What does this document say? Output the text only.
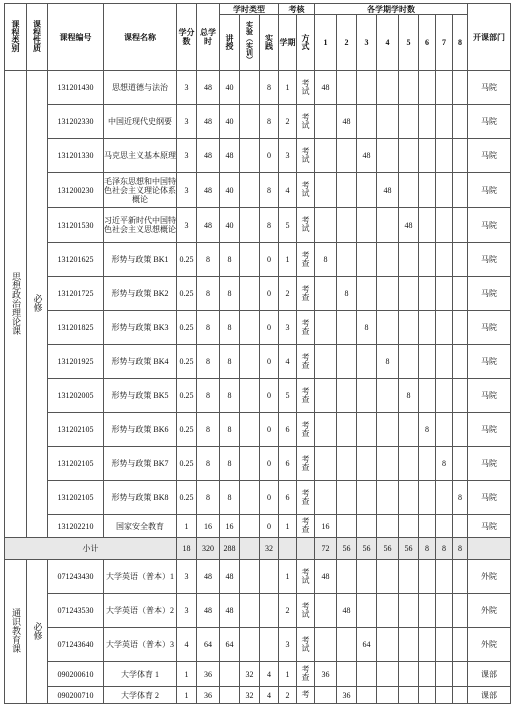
课程类别	课程性质	课程编号	课程名称	学分数	总学时	学时类型			考核		各学期学时数								开课部门
						讲授	实验（实训）	实践	学期	方式	1	2	3	4	5	6	7	8	
思想政治理论课	必修	131201430	思想道德与法治	3	48	40		8	1	考试	48								马院
		131202330	中国近现代史纲要	3	48	40		8	2	考试		48							马院
		131201330	马克思主义基本原理	3	48	48		0	3	考试			48						马院
		131200230	毛泽东思想和中国特色社会主义理论体系概论	3	48	40		8	4	考试				48					马院
		131201530	习近平新时代中国特色社会主义思想概论	3	48	40		8	5	考试					48				马院
		131201625	形势与政策 BK1	0.25	8	8		0	1	考查	8								马院
		131201725	形势与政策 BK2	0.25	8	8		0	2	考查		8							马院
		131201825	形势与政策 BK3	0.25	8	8		0	3	考查			8						马院
		131201925	形势与政策 BK4	0.25	8	8		0	4	考查				8					马院
		131202005	形势与政策 BK5	0.25	8	8		0	5	考查					8				马院
		131202105	形势与政策 BK6	0.25	8	8		0	6	考查						8			马院
		131202105	形势与政策 BK7	0.25	8	8		0	6	考查							8		马院
		131202105	形势与政策 BK8	0.25	8	8		0	6	考查								8	马院
		131202210	国家安全教育	1	16	16		0	1	考查	16								马院
小计				18	320	288		32			72	56	56	56	56	8	8	8	
通识教育课	必修	071243430	大学英语（普本）1	3	48	48			1	考试	48								外院
		071243530	大学英语（普本）2	3	48	48			2	考试		48							外院
		071243640	大学英语（普本）3	4	64	64			3	考试			64						外院
		090200610	大学体育 1	1	36		32	4	1	考查	36								课部
		090200710	大学体育 2	1	36		32	4	2	考		36							课部
